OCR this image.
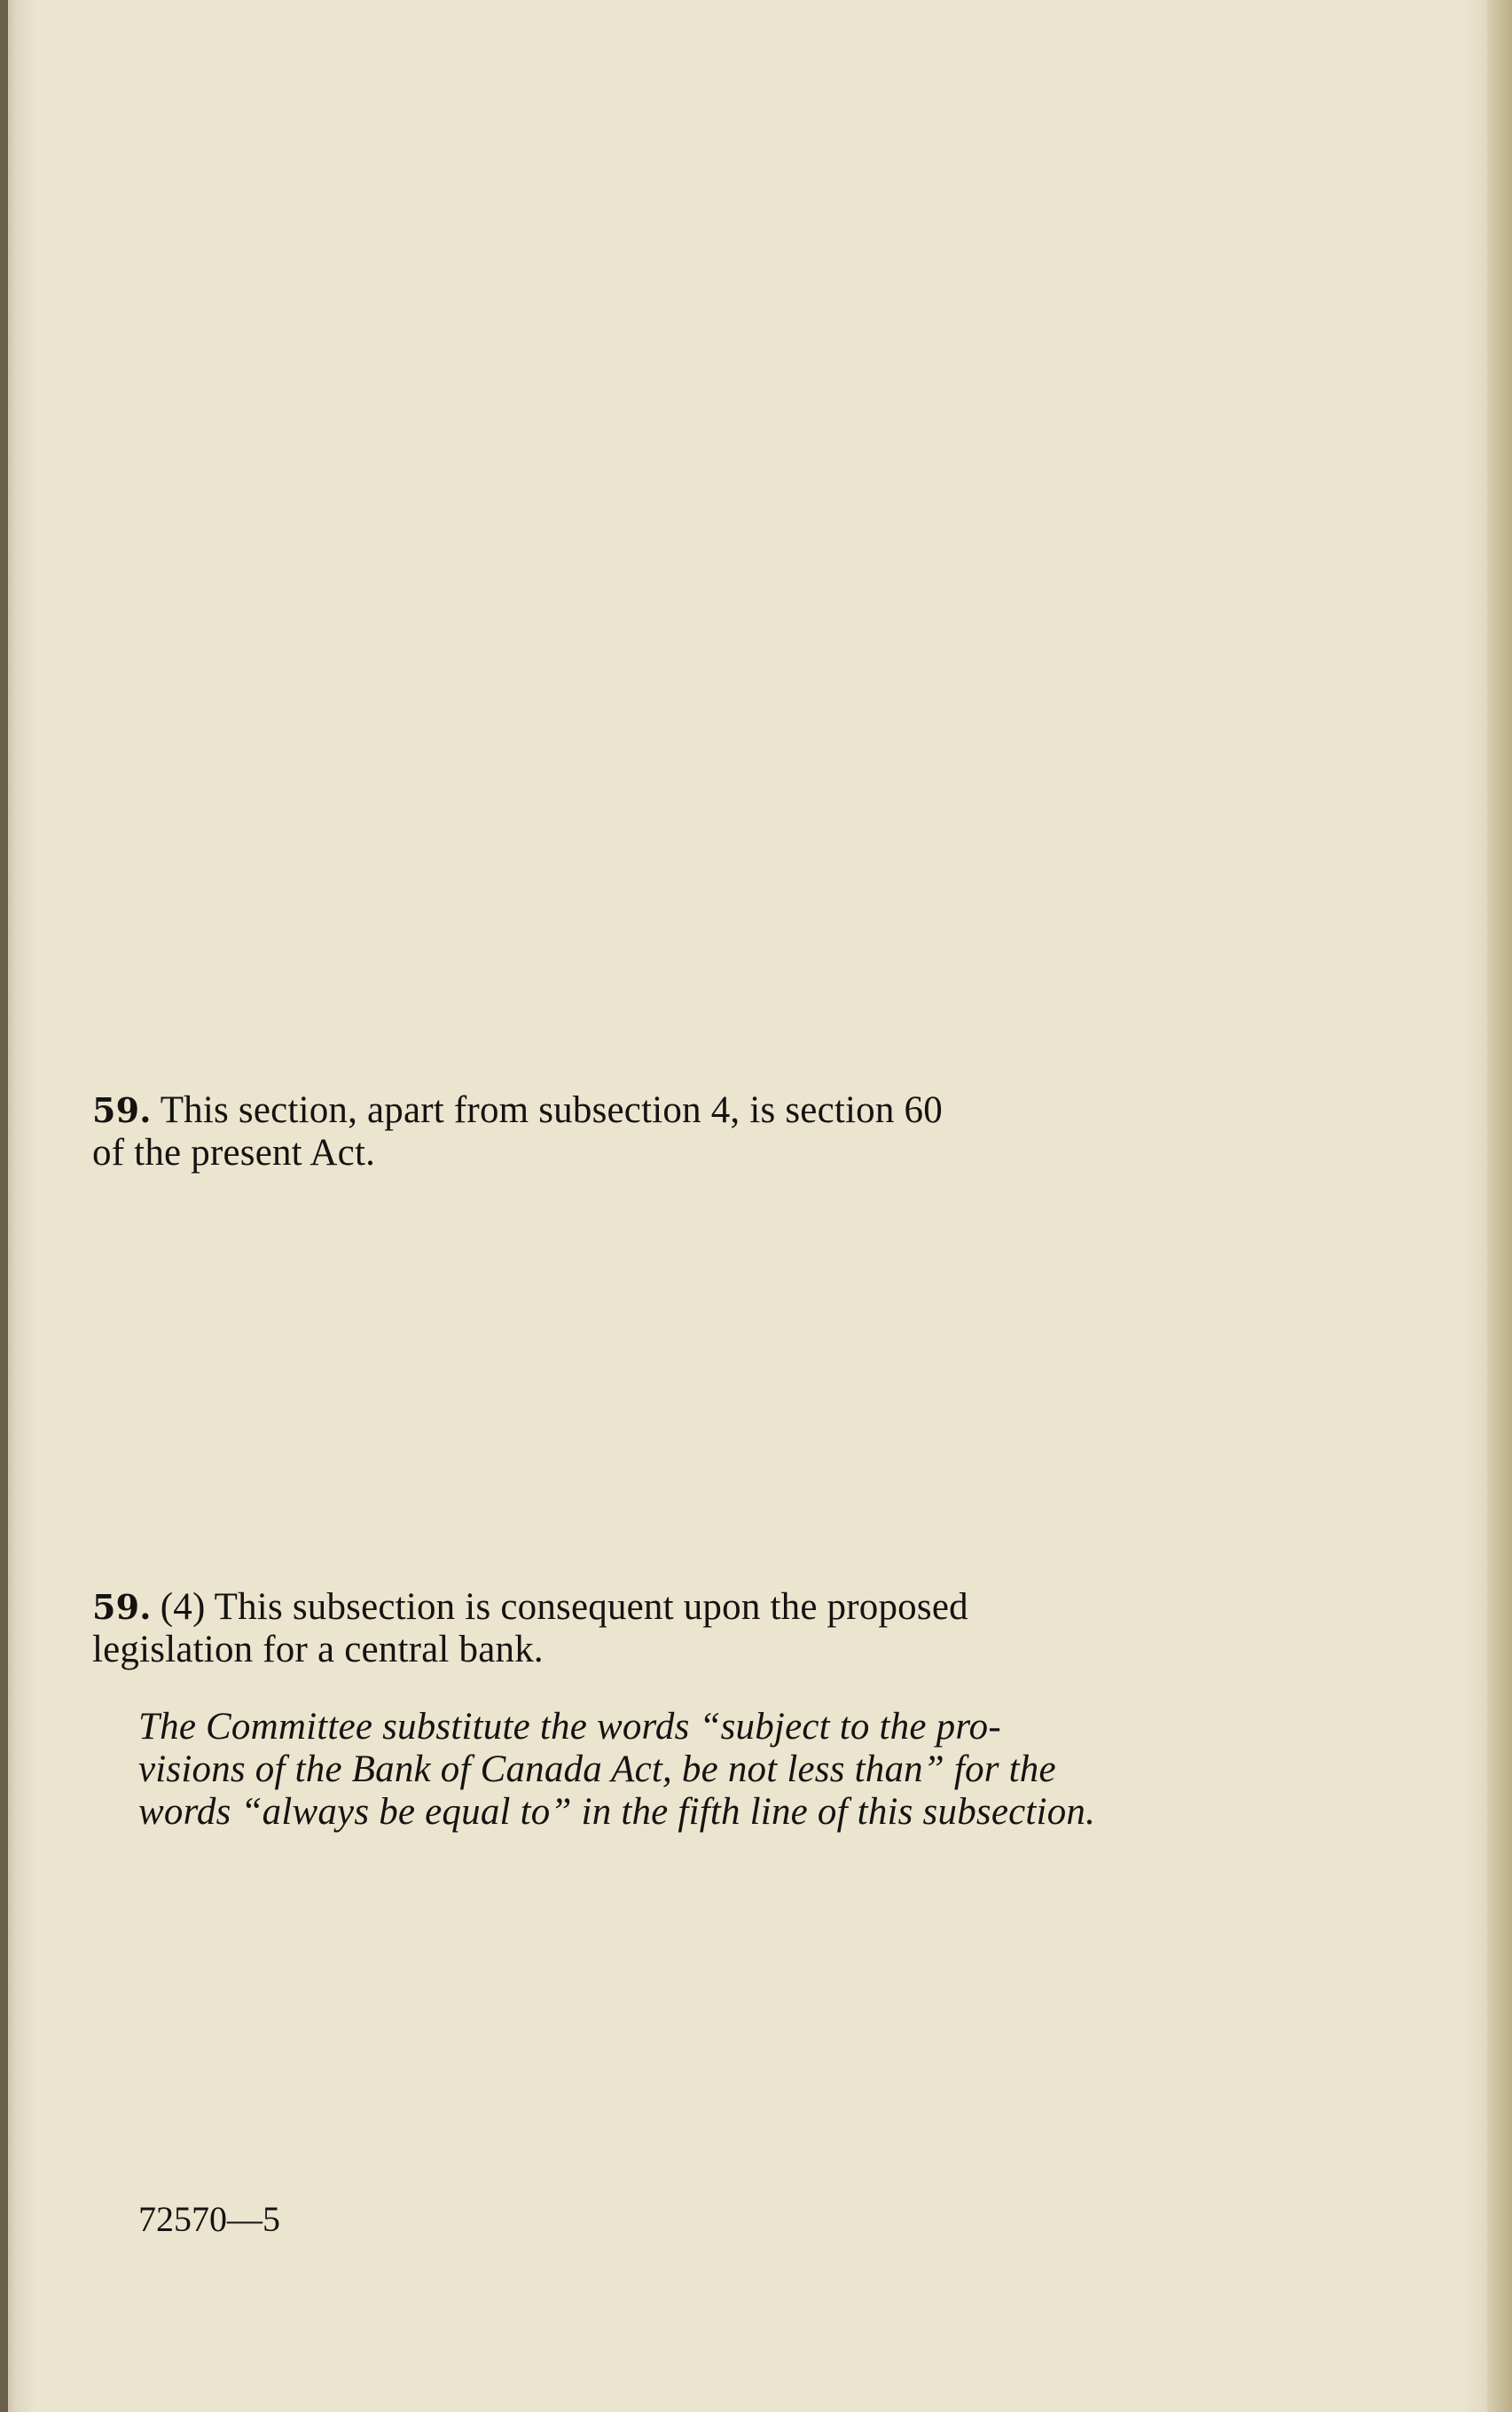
59. This section, apart from subsection 4, is section 60
of the present Act.
59. (4) This subsection is consequent upon the proposed
legislation for a central bank.
The Committee substitute the words “subject to the pro-
visions of the Bank of Canada Act, be not less than” for the
words “always be equal to” in the fifth line of this subsection.
72570—5
